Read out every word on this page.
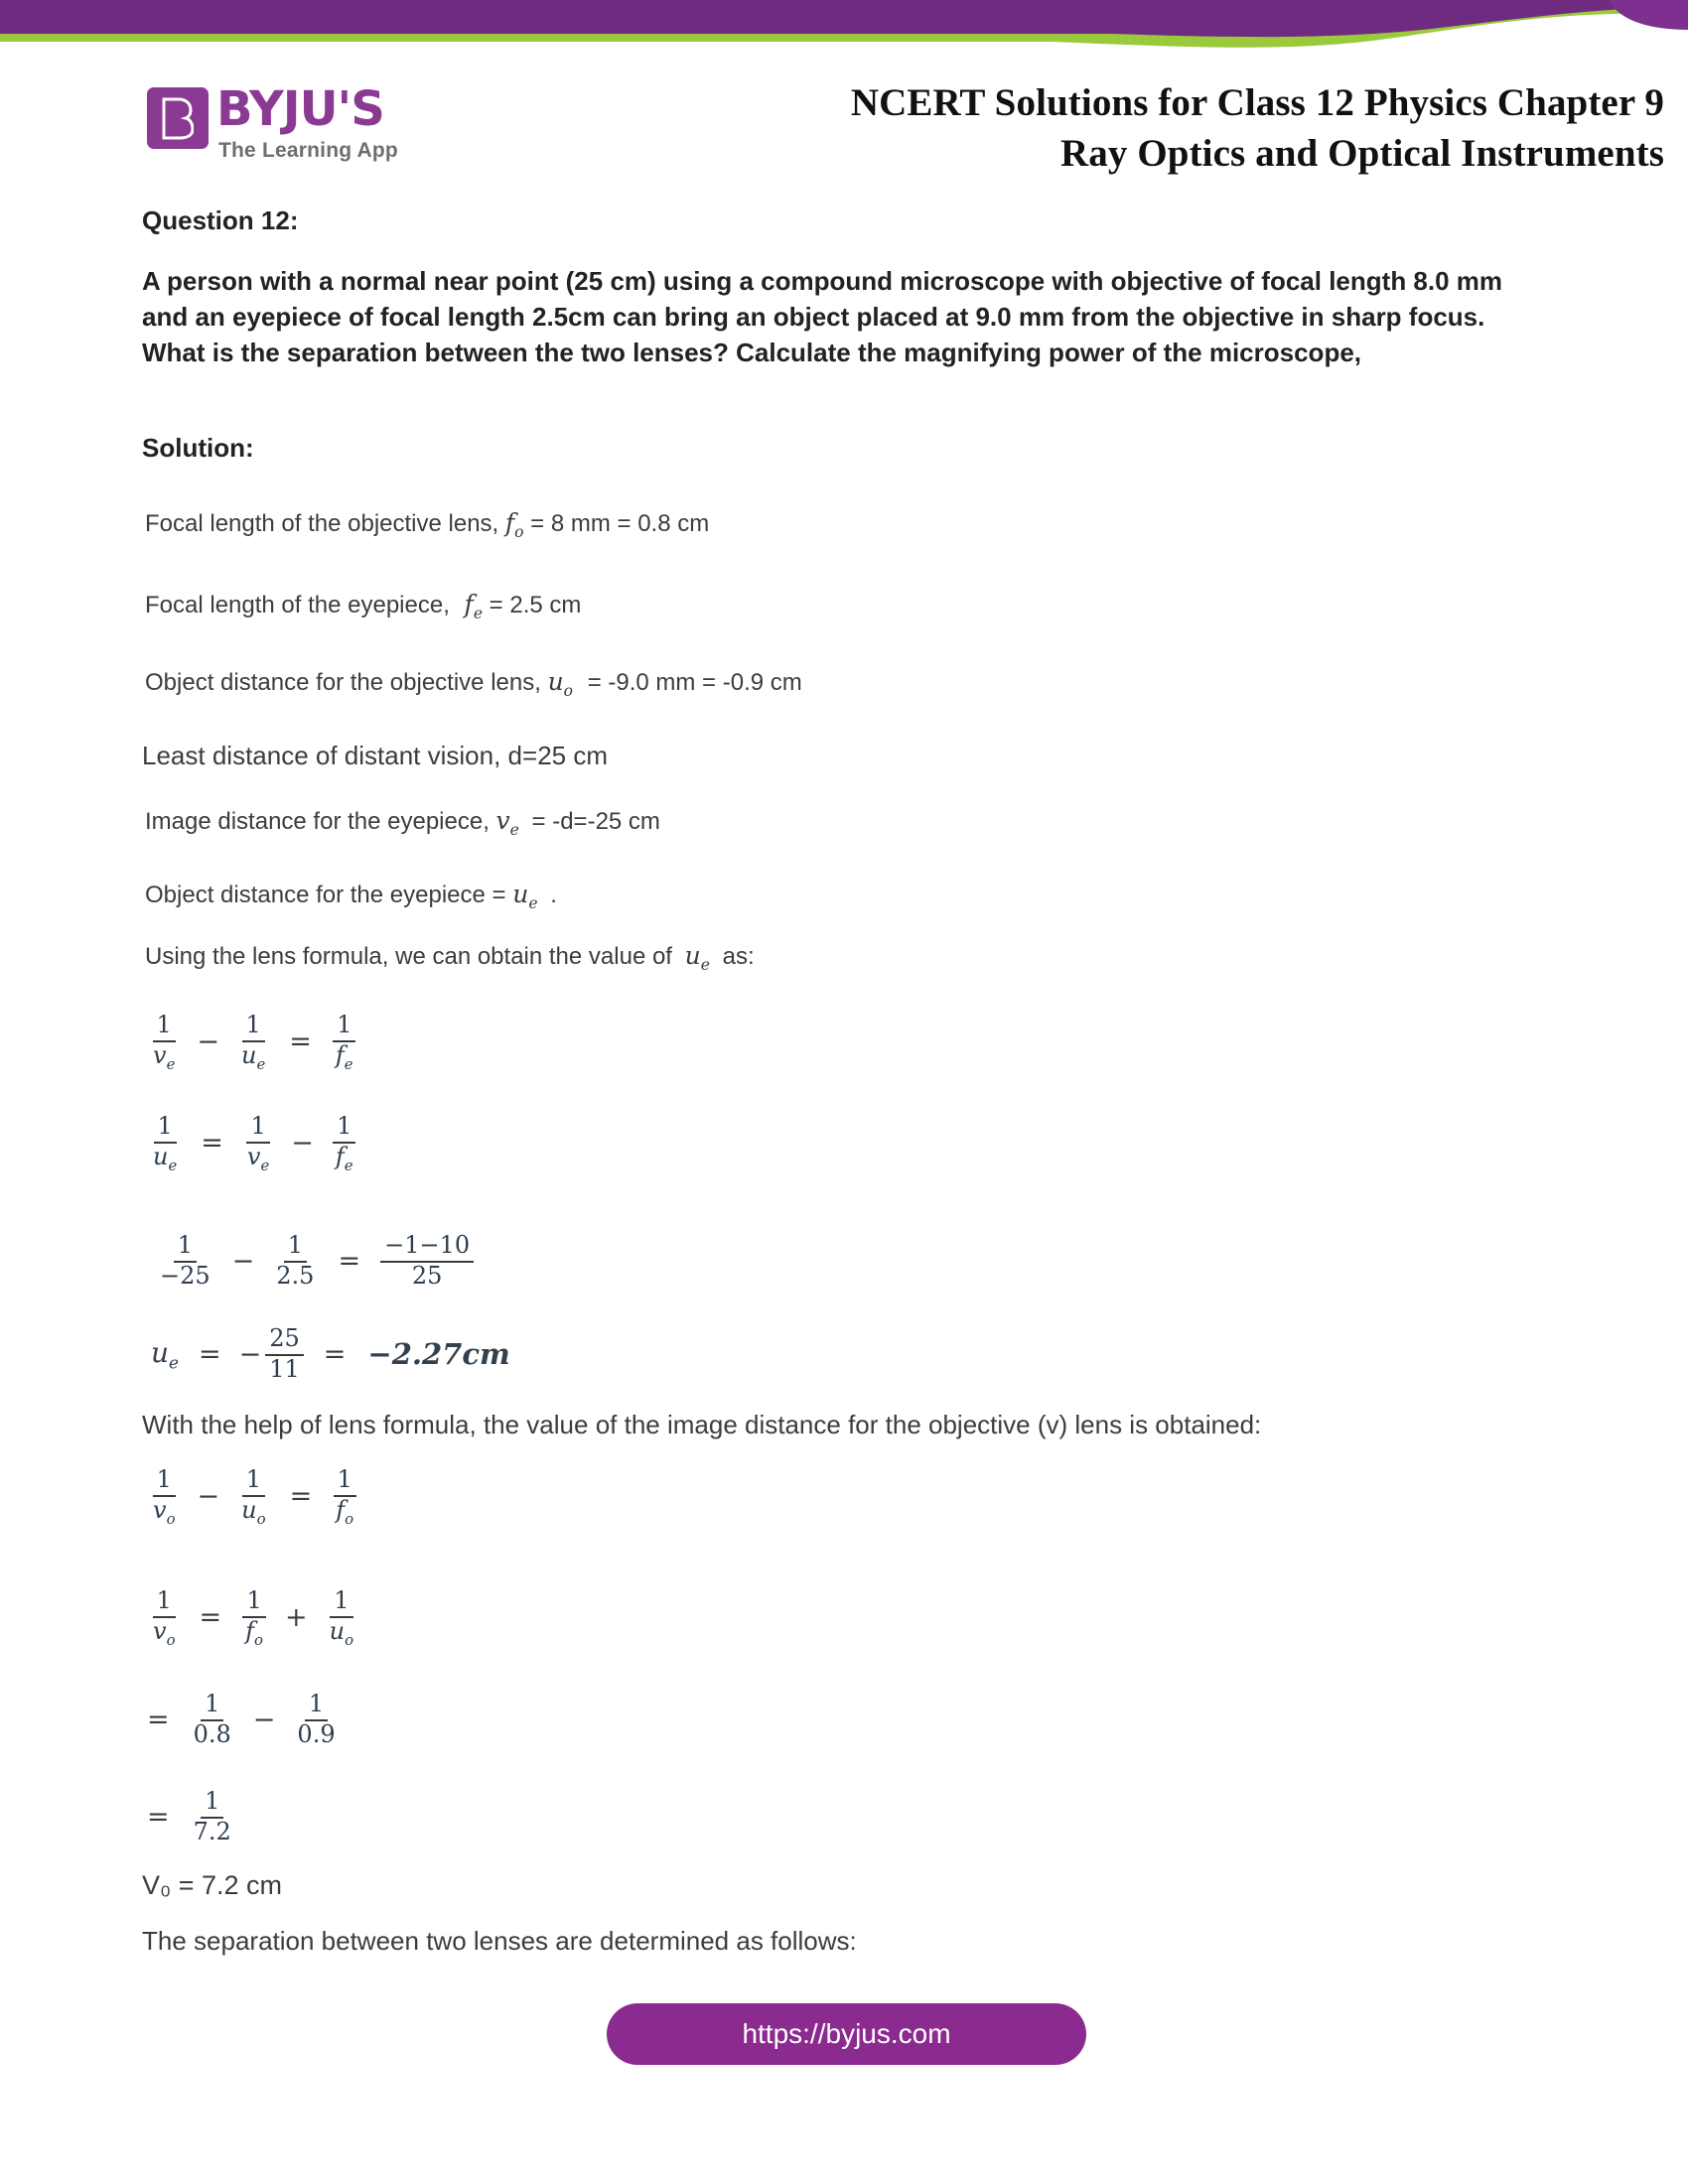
BYJU'S
The Learning App
NCERT Solutions for Class 12 Physics Chapter 9
Ray Optics and Optical Instruments
Question 12:
A person with a normal near point (25 cm) using a compound microscope with objective of focal length 8.0 mm and an eyepiece of focal length 2.5cm can bring an object placed at 9.0 mm from the objective in sharp focus. What is the separation between the two lenses? Calculate the magnifying power of the microscope,
Solution:
Focal length of the objective lens, $f_o = 8$ mm = 0.8 cm
Focal length of the eyepiece, $f_e = 2.5$ cm
Object distance for the objective lens, $u_o = -9.0$ mm = -0.9 cm
Least distance of distant vision, d=25 cm
Image distance for the eyepiece, $v_e = -d=-25$ cm
Object distance for the eyepiece = $u_e$ .
Using the lens formula, we can obtain the value of $u_e$ as:
$\frac{1}{v_e} - \frac{1}{u_e} = \frac{1}{f_e}$
$\frac{1}{u_e} = \frac{1}{v_e} - \frac{1}{f_e}$
$\frac{1}{-25} - \frac{1}{2.5} = \frac{-1-10}{25}$
$u_e$ = − $\frac{25}{11} = -2.27cm$
With the help of lens formula, the value of the image distance for the objective (v) lens is obtained:
$\frac{1}{v_o} - \frac{1}{u_o} = \frac{1}{f_o}$
$\frac{1}{v_o} = \frac{1}{f_o} + \frac{1}{u_o}$
= $\frac{1}{0.8} - \frac{1}{0.9}$
= $\frac{1}{7.2}$
V₀ = 7.2 cm
The separation between two lenses are determined as follows:
https://byjus.com
